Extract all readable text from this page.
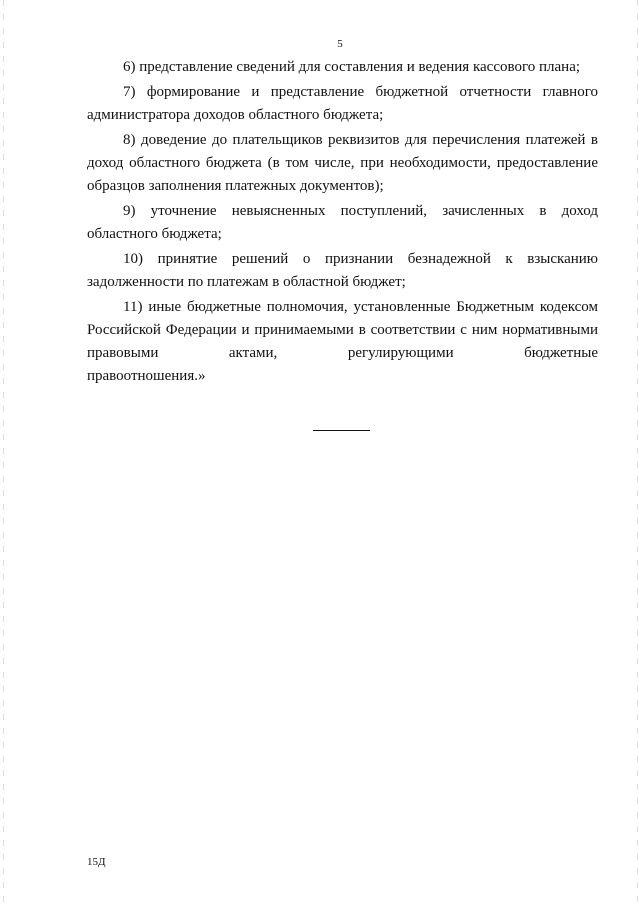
5

6) представление сведений для составления и ведения кассового плана;

7) формирование и представление бюджетной отчетности главного администратора доходов областного бюджета;

8) доведение до плательщиков реквизитов для перечисления платежей в доход областного бюджета (в том числе, при необходимости, предоставление образцов заполнения платежных документов);

9) уточнение невыясненных поступлений, зачисленных в доход областного бюджета;

10) принятие решений о признании безнадежной к взысканию задолженности по платежам в областной бюджет;

11) иные бюджетные полномочия, установленные Бюджетным кодексом Российской Федерации и принимаемыми в соответствии с ним нормативными правовыми актами, регулирующими бюджетные

правоотношения.»

15Д
